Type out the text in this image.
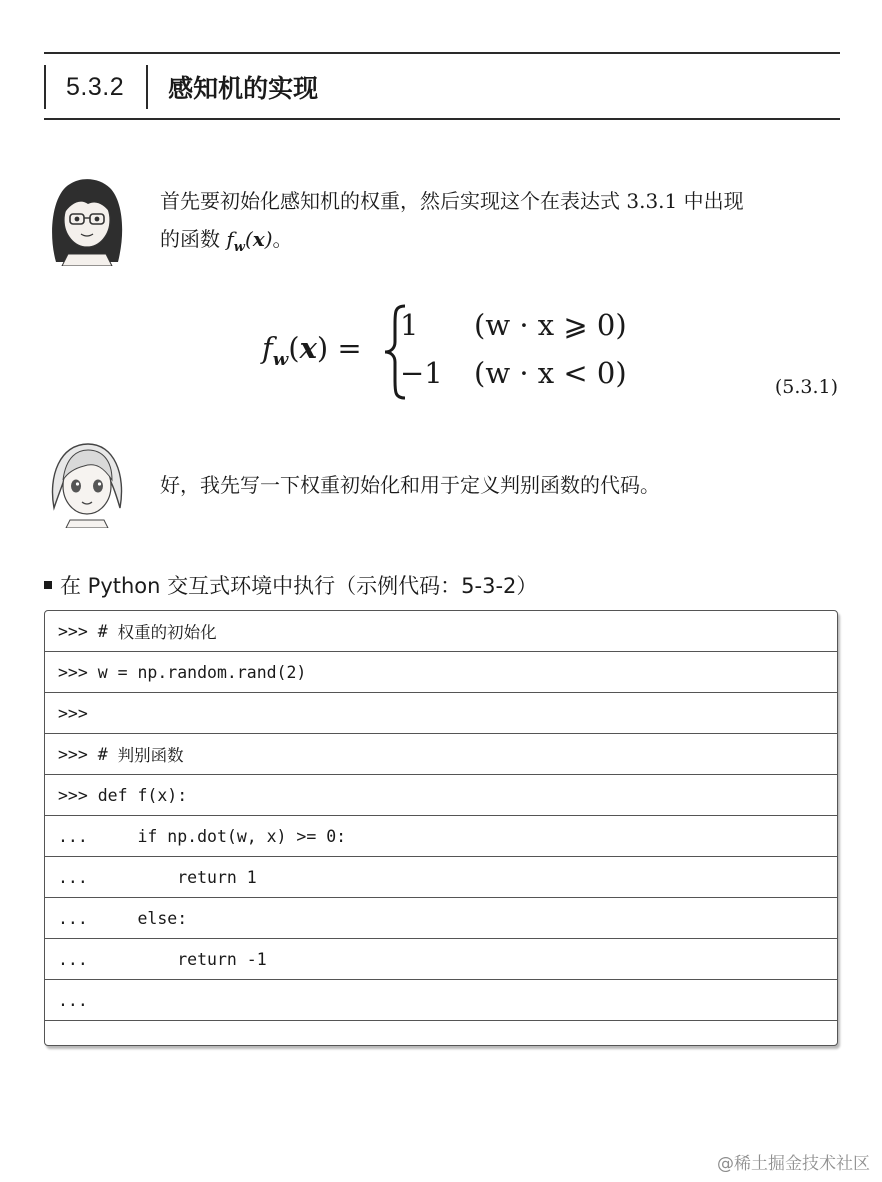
5.3.2	感知机的实现
首先要初始化感知机的权重，然后实现这个在表达式 3.3.1 中出现
的函数 $f_w(x)$。
$f_w(x)$ =
1 (w · x ⩾ 0)
−1 (w · x < 0)	(5.3.1)
好，我先写一下权重初始化和用于定义判别函数的代码。
在 Python 交互式环境中执行（示例代码：5-3-2）
>>> # 权重的初始化
>>> w = np.random.rand(2)
>>>
>>> # 判别函数
>>> def f(x):
... if np.dot(w, x) >= 0:
... return 1
... else:
... return -1
...
@稀土掘金技术社区
